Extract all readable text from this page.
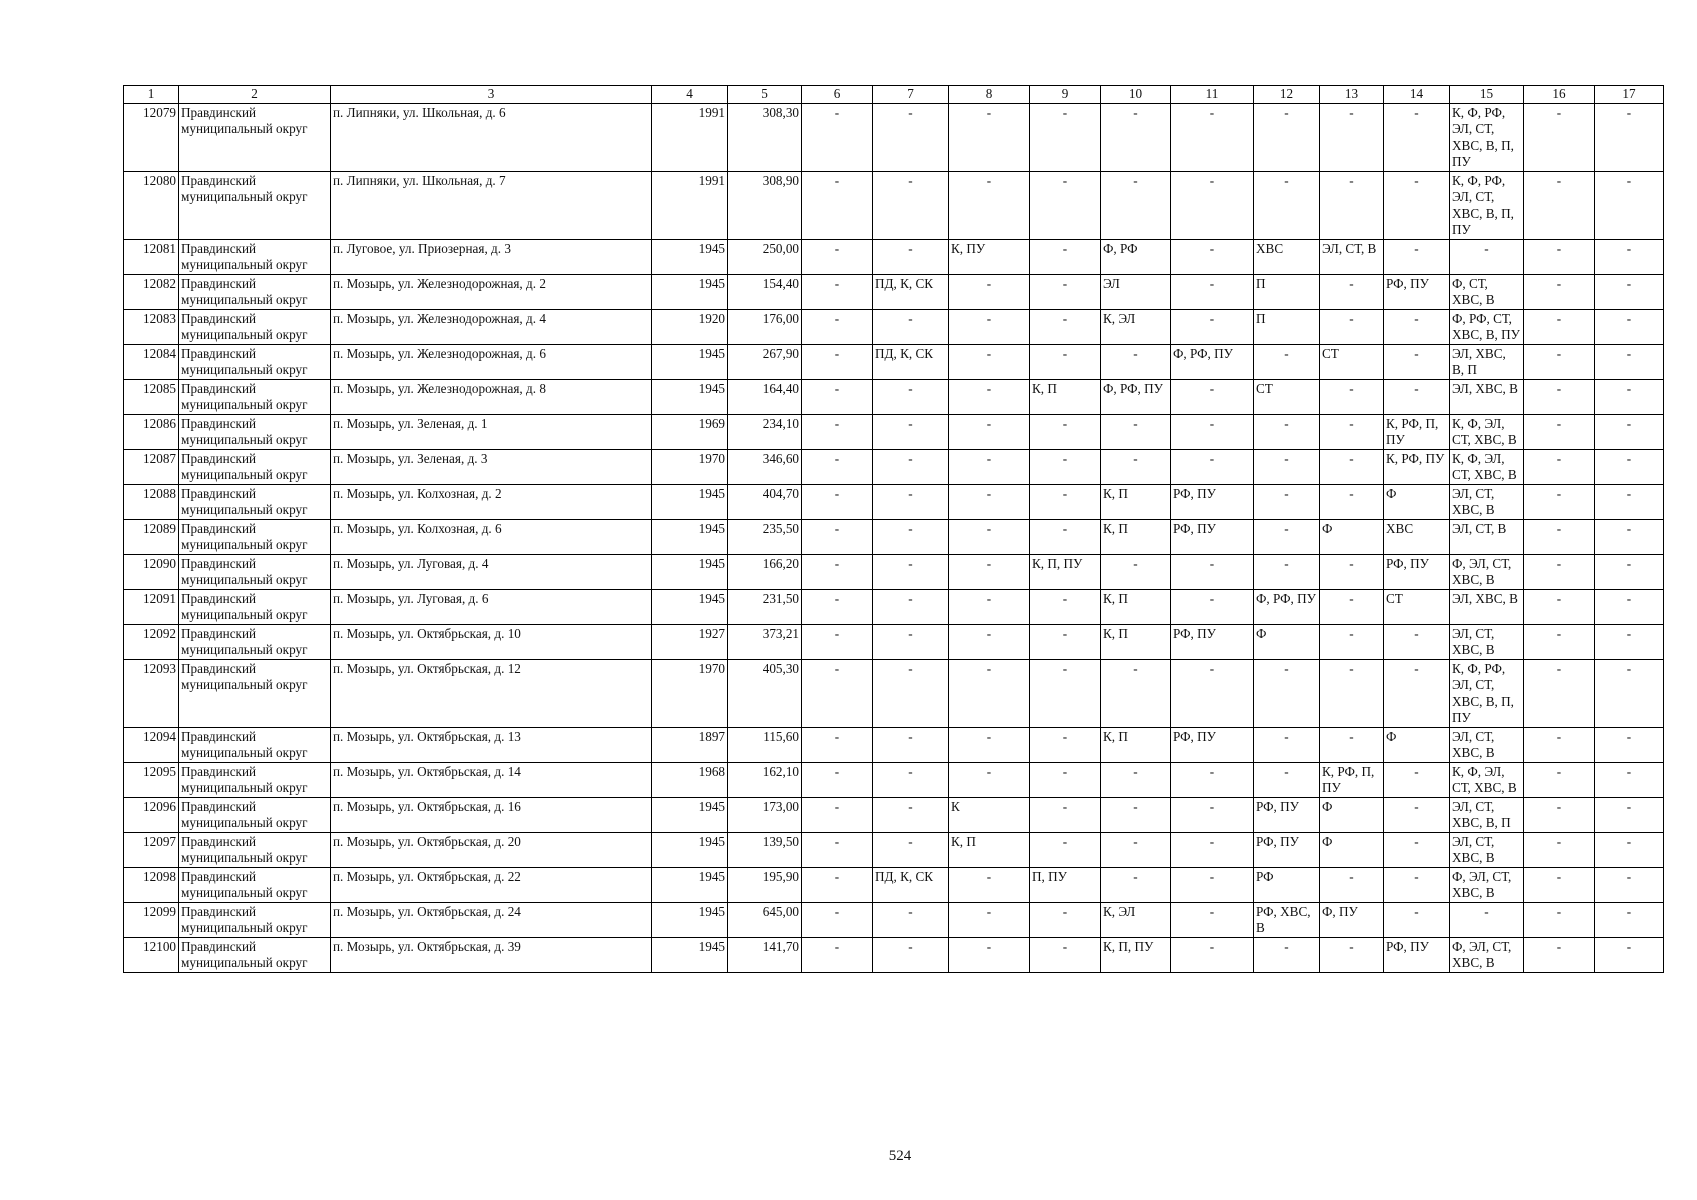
1	2	3	4	5	6	7	8	9	10	11	12	13	14	15	16	17
12079	Правдинский муниципальный округ	п. Липняки, ул. Школьная, д. 6	1991	308,30	-	-	-	-	-	-	-	-	-	К, Ф, РФ, ЭЛ, СТ, ХВС, В, П, ПУ	-	-
12080	Правдинский муниципальный округ	п. Липняки, ул. Школьная, д. 7	1991	308,90	-	-	-	-	-	-	-	-	-	К, Ф, РФ, ЭЛ, СТ, ХВС, В, П, ПУ	-	-
12081	Правдинский муниципальный округ	п. Луговое, ул. Приозерная, д. 3	1945	250,00	-	-	К, ПУ	-	Ф, РФ	-	ХВС	ЭЛ, СТ, В	-	-	-	-
12082	Правдинский муниципальный округ	п. Мозырь, ул. Железнодорожная, д. 2	1945	154,40	-	ПД, К, СК	-	-	ЭЛ	-	П	-	РФ, ПУ	Ф, СТ, ХВС, В	-	-
12083	Правдинский муниципальный округ	п. Мозырь, ул. Железнодорожная, д. 4	1920	176,00	-	-	-	-	К, ЭЛ	-	П	-	-	Ф, РФ, СТ, ХВС, В, ПУ	-	-
12084	Правдинский муниципальный округ	п. Мозырь, ул. Железнодорожная, д. 6	1945	267,90	-	ПД, К, СК	-	-	-	Ф, РФ, ПУ	-	СТ	-	ЭЛ, ХВС, В, П	-	-
12085	Правдинский муниципальный округ	п. Мозырь, ул. Железнодорожная, д. 8	1945	164,40	-	-	-	К, П	Ф, РФ, ПУ	-	СТ	-	-	ЭЛ, ХВС, В	-	-
12086	Правдинский муниципальный округ	п. Мозырь, ул. Зеленая, д. 1	1969	234,10	-	-	-	-	-	-	-	-	К, РФ, П, ПУ	К, Ф, ЭЛ, СТ, ХВС, В	-	-
12087	Правдинский муниципальный округ	п. Мозырь, ул. Зеленая, д. 3	1970	346,60	-	-	-	-	-	-	-	-	К, РФ, ПУ	К, Ф, ЭЛ, СТ, ХВС, В	-	-
12088	Правдинский муниципальный округ	п. Мозырь, ул. Колхозная, д. 2	1945	404,70	-	-	-	-	К, П	РФ, ПУ	-	-	Ф	ЭЛ, СТ, ХВС, В	-	-
12089	Правдинский муниципальный округ	п. Мозырь, ул. Колхозная, д. 6	1945	235,50	-	-	-	-	К, П	РФ, ПУ	-	Ф	ХВС	ЭЛ, СТ, В	-	-
12090	Правдинский муниципальный округ	п. Мозырь, ул. Луговая, д. 4	1945	166,20	-	-	-	К, П, ПУ	-	-	-	-	РФ, ПУ	Ф, ЭЛ, СТ, ХВС, В	-	-
12091	Правдинский муниципальный округ	п. Мозырь, ул. Луговая, д. 6	1945	231,50	-	-	-	-	К, П	-	Ф, РФ, ПУ	-	СТ	ЭЛ, ХВС, В	-	-
12092	Правдинский муниципальный округ	п. Мозырь, ул. Октябрьская, д. 10	1927	373,21	-	-	-	-	К, П	РФ, ПУ	Ф	-	-	ЭЛ, СТ, ХВС, В	-	-
12093	Правдинский муниципальный округ	п. Мозырь, ул. Октябрьская, д. 12	1970	405,30	-	-	-	-	-	-	-	-	-	К, Ф, РФ, ЭЛ, СТ, ХВС, В, П, ПУ	-	-
12094	Правдинский муниципальный округ	п. Мозырь, ул. Октябрьская, д. 13	1897	115,60	-	-	-	-	К, П	РФ, ПУ	-	-	Ф	ЭЛ, СТ, ХВС, В	-	-
12095	Правдинский муниципальный округ	п. Мозырь, ул. Октябрьская, д. 14	1968	162,10	-	-	-	-	-	-	-	К, РФ, П, ПУ	-	К, Ф, ЭЛ, СТ, ХВС, В	-	-
12096	Правдинский муниципальный округ	п. Мозырь, ул. Октябрьская, д. 16	1945	173,00	-	-	К	-	-	-	РФ, ПУ	Ф	-	ЭЛ, СТ, ХВС, В, П	-	-
12097	Правдинский муниципальный округ	п. Мозырь, ул. Октябрьская, д. 20	1945	139,50	-	-	К, П	-	-	-	РФ, ПУ	Ф	-	ЭЛ, СТ, ХВС, В	-	-
12098	Правдинский муниципальный округ	п. Мозырь, ул. Октябрьская, д. 22	1945	195,90	-	ПД, К, СК	-	П, ПУ	-	-	РФ	-	-	Ф, ЭЛ, СТ, ХВС, В	-	-
12099	Правдинский муниципальный округ	п. Мозырь, ул. Октябрьская, д. 24	1945	645,00	-	-	-	-	К, ЭЛ	-	РФ, ХВС, В	Ф, ПУ	-	-	-	-
12100	Правдинский муниципальный округ	п. Мозырь, ул. Октябрьская, д. 39	1945	141,70	-	-	-	-	К, П, ПУ	-	-	-	РФ, ПУ	Ф, ЭЛ, СТ, ХВС, В	-	-
524
